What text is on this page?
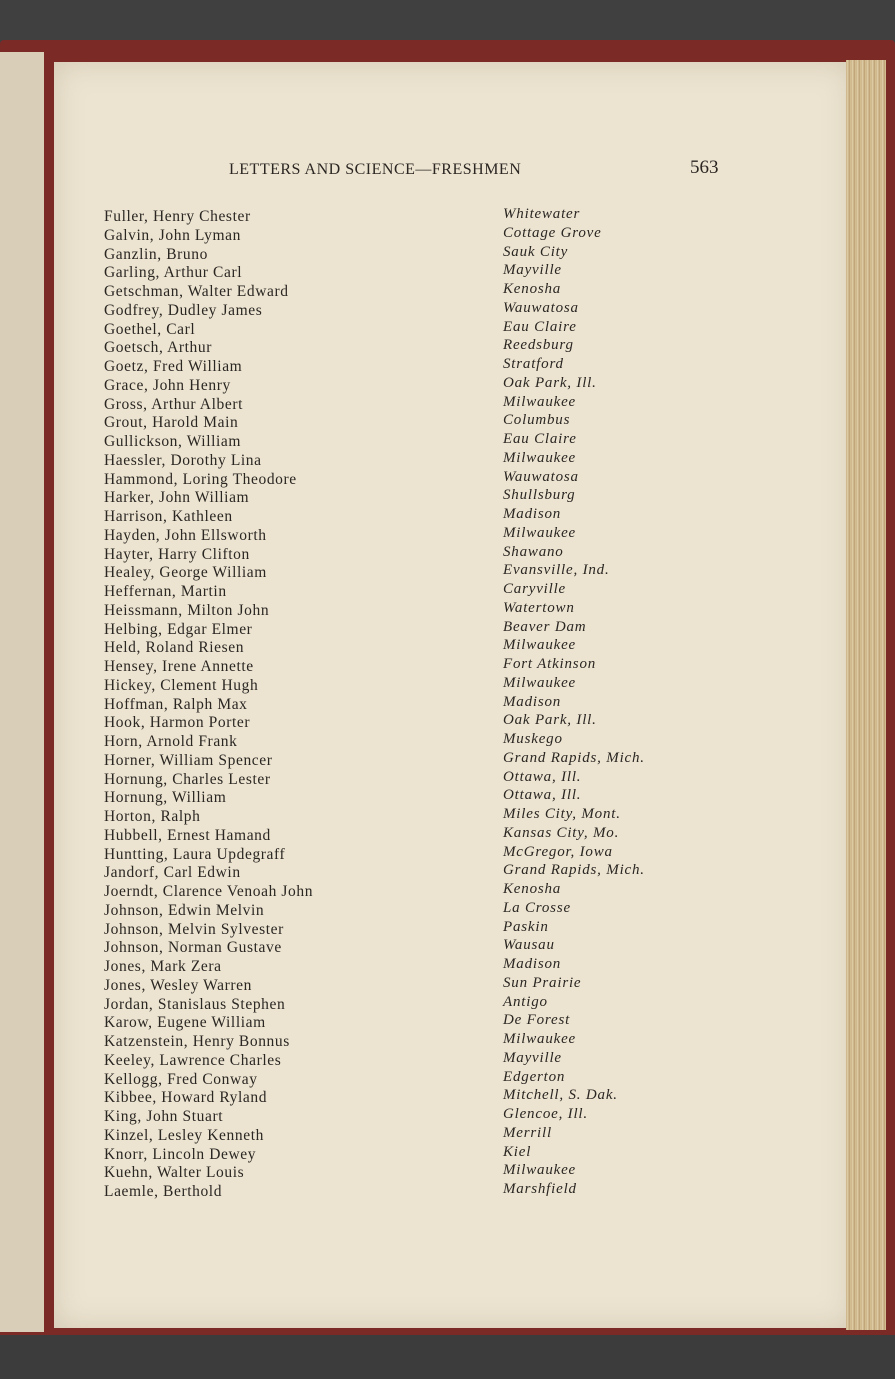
LETTERS AND SCIENCE—FRESHMEN	563
Fuller, Henry Chester	Whitewater
Galvin, John Lyman	Cottage Grove
Ganzlin, Bruno	Sauk City
Garling, Arthur Carl	Mayville
Getschman, Walter Edward	Kenosha
Godfrey, Dudley James	Wauwatosa
Goethel, Carl	Eau Claire
Goetsch, Arthur	Reedsburg
Goetz, Fred William	Stratford
Grace, John Henry	Oak Park, Ill.
Gross, Arthur Albert	Milwaukee
Grout, Harold Main	Columbus
Gullickson, William	Eau Claire
Haessler, Dorothy Lina	Milwaukee
Hammond, Loring Theodore	Wauwatosa
Harker, John William	Shullsburg
Harrison, Kathleen	Madison
Hayden, John Ellsworth	Milwaukee
Hayter, Harry Clifton	Shawano
Healey, George William	Evansville, Ind.
Heffernan, Martin	Caryville
Heissmann, Milton John	Watertown
Helbing, Edgar Elmer	Beaver Dam
Held, Roland Riesen	Milwaukee
Hensey, Irene Annette	Fort Atkinson
Hickey, Clement Hugh	Milwaukee
Hoffman, Ralph Max	Madison
Hook, Harmon Porter	Oak Park, Ill.
Horn, Arnold Frank	Muskego
Horner, William Spencer	Grand Rapids, Mich.
Hornung, Charles Lester	Ottawa, Ill.
Hornung, William	Ottawa, Ill.
Horton, Ralph	Miles City, Mont.
Hubbell, Ernest Hamand	Kansas City, Mo.
Huntting, Laura Updegraff	McGregor, Iowa
Jandorf, Carl Edwin	Grand Rapids, Mich.
Joerndt, Clarence Venoah John	Kenosha
Johnson, Edwin Melvin	La Crosse
Johnson, Melvin Sylvester	Paskin
Johnson, Norman Gustave	Wausau
Jones, Mark Zera	Madison
Jones, Wesley Warren	Sun Prairie
Jordan, Stanislaus Stephen	Antigo
Karow, Eugene William	De Forest
Katzenstein, Henry Bonnus	Milwaukee
Keeley, Lawrence Charles	Mayville
Kellogg, Fred Conway	Edgerton
Kibbee, Howard Ryland	Mitchell, S. Dak.
King, John Stuart	Glencoe, Ill.
Kinzel, Lesley Kenneth	Merrill
Knorr, Lincoln Dewey	Kiel
Kuehn, Walter Louis	Milwaukee
Laemle, Berthold	Marshfield
